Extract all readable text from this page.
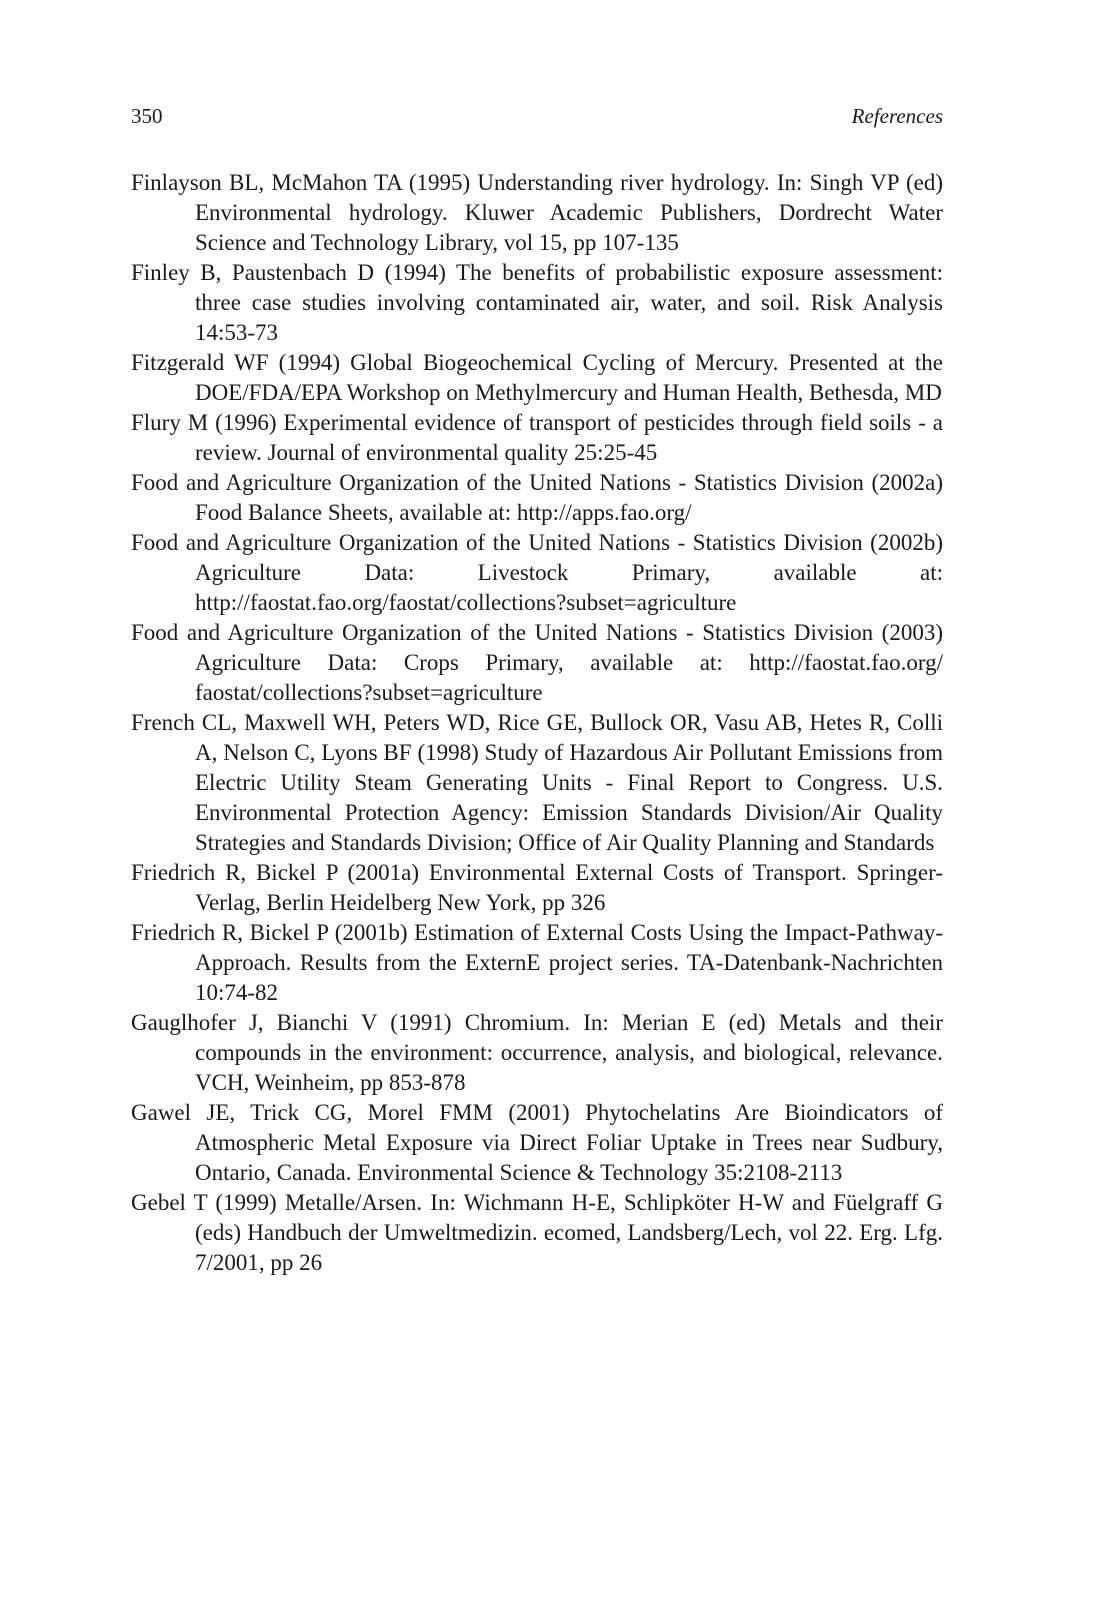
350	References
Finlayson BL, McMahon TA (1995) Understanding river hydrology. In: Singh VP (ed) Environmental hydrology. Kluwer Academic Publishers, Dordrecht Water Science and Technology Library, vol 15, pp 107-135
Finley B, Paustenbach D (1994) The benefits of probabilistic exposure assessment: three case studies involving contaminated air, water, and soil. Risk Analysis 14:53-73
Fitzgerald WF (1994) Global Biogeochemical Cycling of Mercury. Presented at the DOE/FDA/EPA Workshop on Methylmercury and Human Health, Bethesda, MD
Flury M (1996) Experimental evidence of transport of pesticides through field soils - a review. Journal of environmental quality 25:25-45
Food and Agriculture Organization of the United Nations - Statistics Division (2002a) Food Balance Sheets, available at: http://apps.fao.org/
Food and Agriculture Organization of the United Nations - Statistics Division (2002b) Agriculture Data: Livestock Primary, available at: http://faostat.fao.org/faostat/collections?subset=agriculture
Food and Agriculture Organization of the United Nations - Statistics Division (2003) Agriculture Data: Crops Primary, available at: http://faostat.fao.org/ faostat/collections?subset=agriculture
French CL, Maxwell WH, Peters WD, Rice GE, Bullock OR, Vasu AB, Hetes R, Colli A, Nelson C, Lyons BF (1998) Study of Hazardous Air Pollutant Emissions from Electric Utility Steam Generating Units - Final Report to Congress. U.S. Environmental Protection Agency: Emission Standards Division/Air Quality Strategies and Standards Division; Office of Air Quality Planning and Standards
Friedrich R, Bickel P (2001a) Environmental External Costs of Transport. Springer-Verlag, Berlin Heidelberg New York, pp 326
Friedrich R, Bickel P (2001b) Estimation of External Costs Using the Impact-Pathway-Approach. Results from the ExternE project series. TA-Datenbank-Nachrichten 10:74-82
Gauglhofer J, Bianchi V (1991) Chromium. In: Merian E (ed) Metals and their compounds in the environment: occurrence, analysis, and biological, relevance. VCH, Weinheim, pp 853-878
Gawel JE, Trick CG, Morel FMM (2001) Phytochelatins Are Bioindicators of Atmospheric Metal Exposure via Direct Foliar Uptake in Trees near Sudbury, Ontario, Canada. Environmental Science & Technology 35:2108-2113
Gebel T (1999) Metalle/Arsen. In: Wichmann H-E, Schlipköter H-W and Füelgraff G (eds) Handbuch der Umweltmedizin. ecomed, Landsberg/Lech, vol 22. Erg. Lfg. 7/2001, pp 26
